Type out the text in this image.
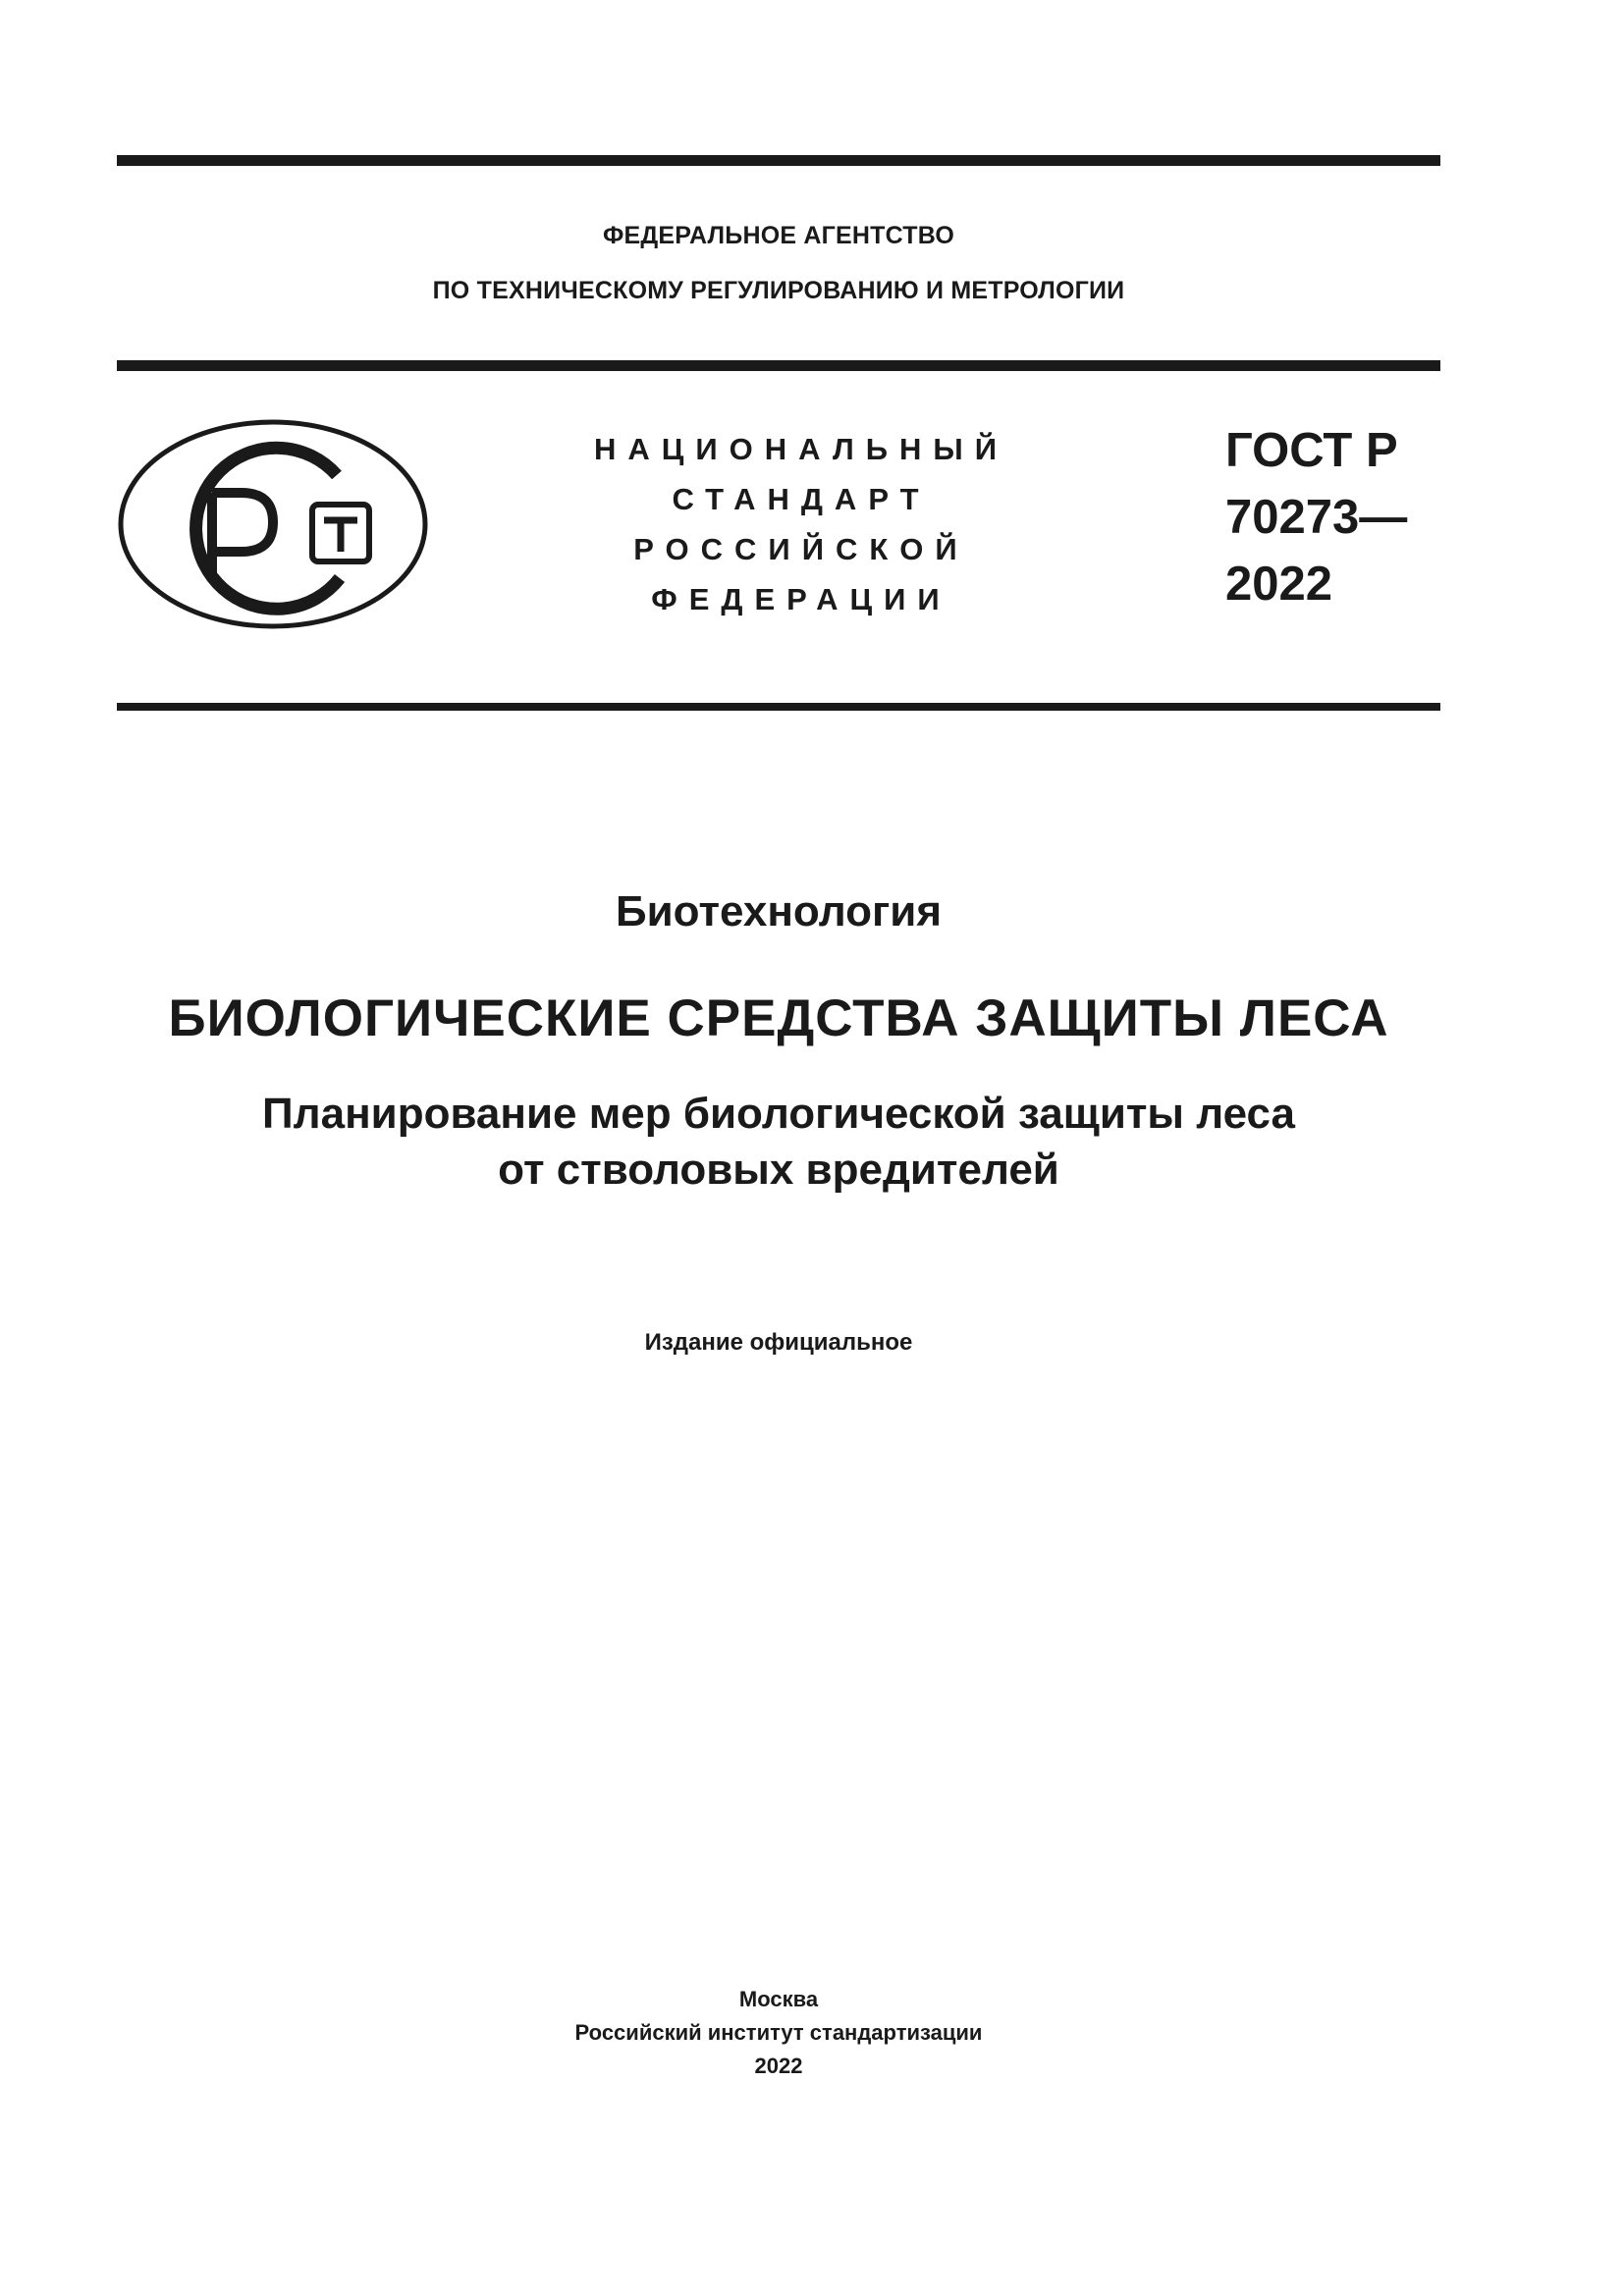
ФЕДЕРАЛЬНОЕ АГЕНТСТВО
ПО ТЕХНИЧЕСКОМУ РЕГУЛИРОВАНИЮ И МЕТРОЛОГИИ
НАЦИОНАЛЬНЫЙ
СТАНДАРТ
РОССИЙСКОЙ
ФЕДЕРАЦИИ
ГОСТ Р
70273—
2022
Биотехнология
БИОЛОГИЧЕСКИЕ СРЕДСТВА ЗАЩИТЫ ЛЕСА
Планирование мер биологической защиты леса
от стволовых вредителей
Издание официальное
Москва
Российский институт стандартизации
2022
